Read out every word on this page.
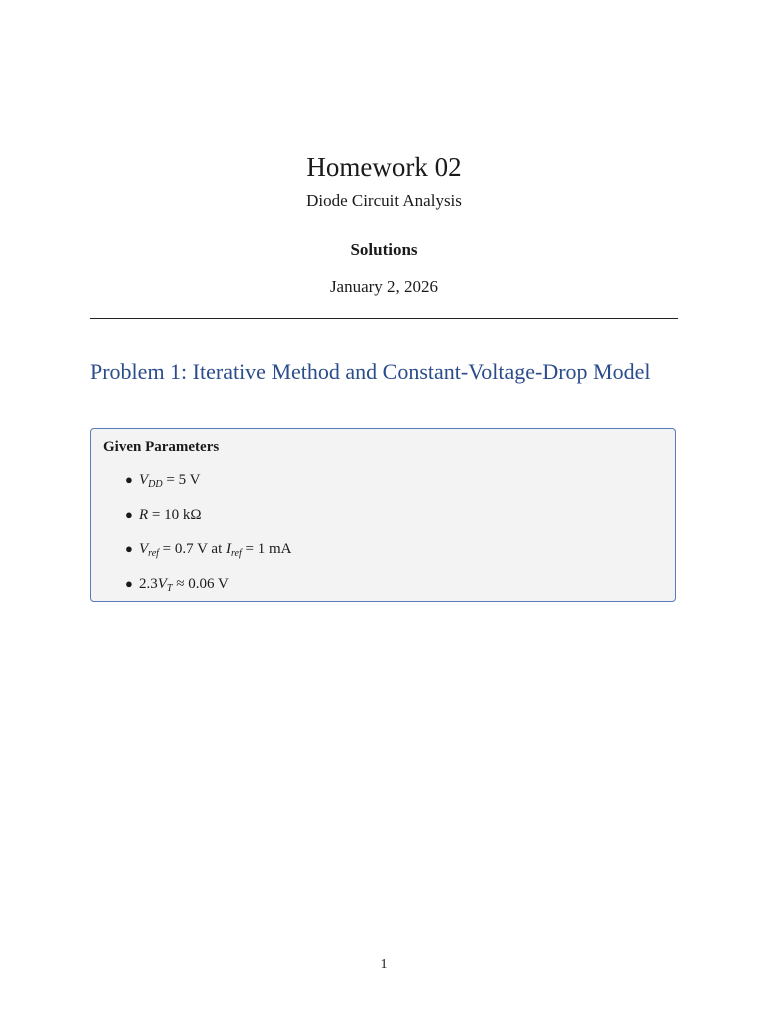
Homework 02
Diode Circuit Analysis
Solutions
January 2, 2026
Problem 1: Iterative Method and Constant-Voltage-Drop Model
Given Parameters
● $V_{DD} = 5$ V
● R = 10 kΩ
● $V_{ref} = 0.7$ V at $I_{ref} = 1$ mA
● $2.3V_T \approx 0.06$ V
1
